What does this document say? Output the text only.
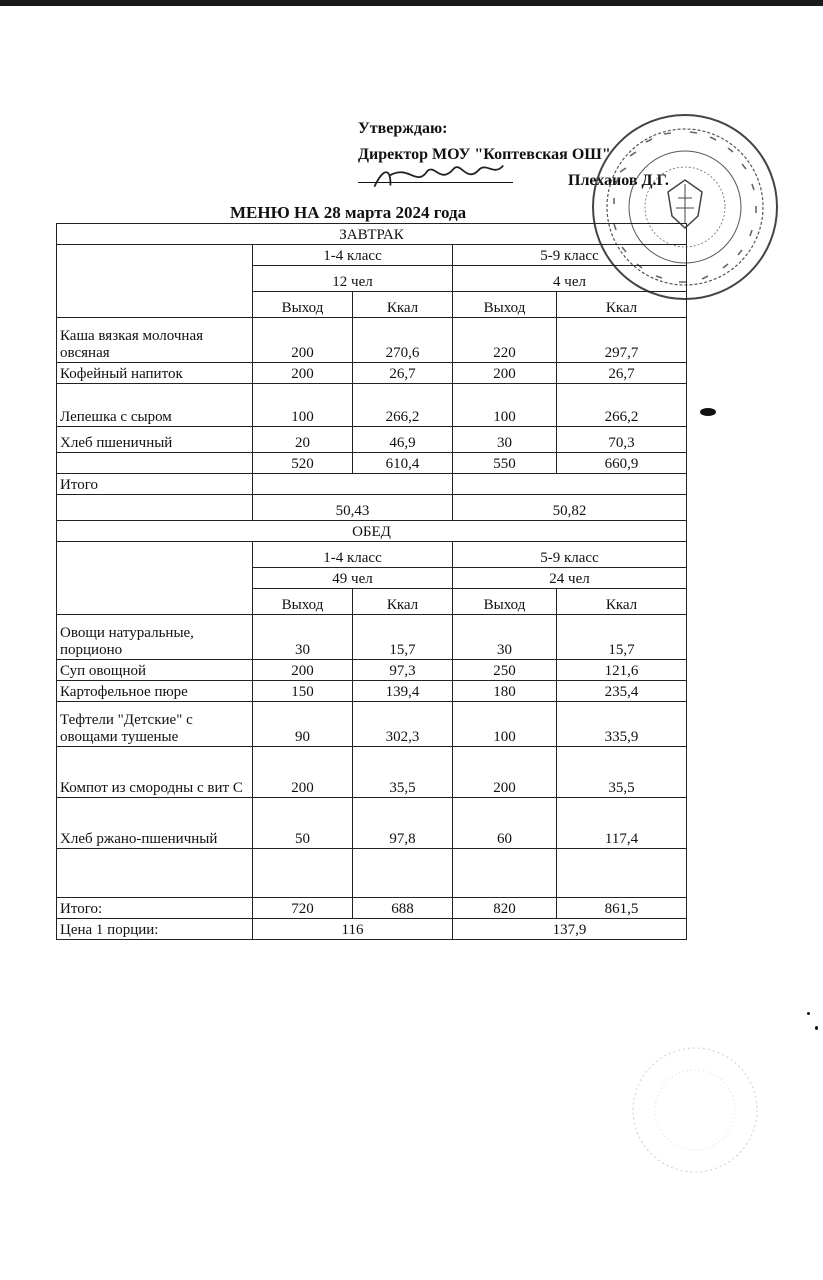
Утверждаю:
Директор МОУ "Коптевская ОШ"
Плеханов Д.Г.
МЕНЮ НА 28 марта 2024 года
ЗАВТРАК				
	1-4 класс		5-9 класс	
	12 чел		4 чел	
	Выход	Ккал	Выход	Ккал
Каша вязкая молочная овсяная	200	270,6	220	297,7
Кофейный напиток	200	26,7	200	26,7
Лепешка с сыром	100	266,2	100	266,2
Хлеб пшеничный	20	46,9	30	70,3
	520	610,4	550	660,9
Итого				
	50,43		50,82	
ОБЕД				
	1-4 класс		5-9 класс	
	49 чел		24 чел	
	Выход	Ккал	Выход	Ккал
Овощи натуральные, порционо	30	15,7	30	15,7
Суп овощной	200	97,3	250	121,6
Картофельное пюре	150	139,4	180	235,4
Тефтели "Детские" с овощами тушеные	90	302,3	100	335,9
Компот из смородны с вит С	200	35,5	200	35,5
Хлеб ржано-пшеничный	50	97,8	60	117,4

Итого:	720	688	820	861,5
Цена 1 порции:	116		137,9	
